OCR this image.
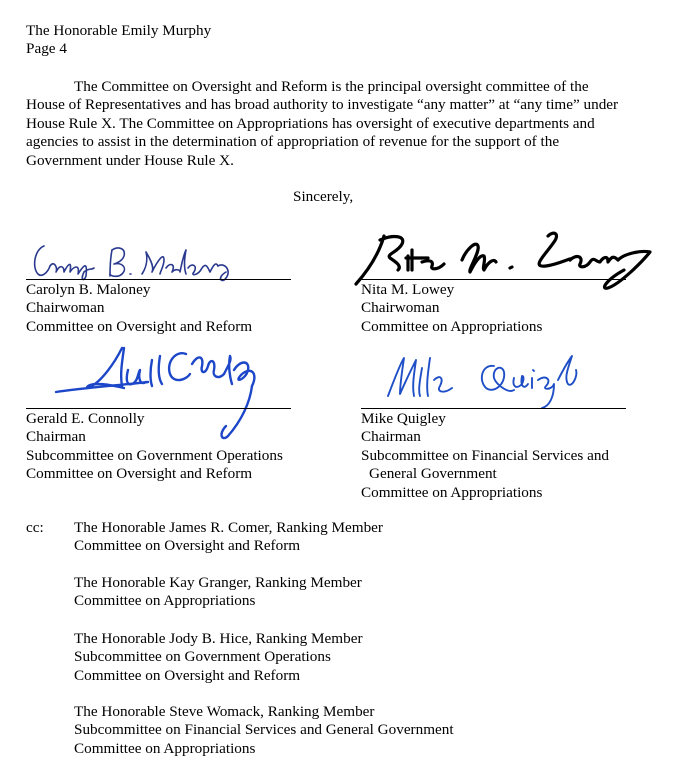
The Honorable Emily Murphy
Page 4
The Committee on Oversight and Reform is the principal oversight committee of the
House of Representatives and has broad authority to investigate “any matter” at “any time” under
House Rule X. The Committee on Appropriations has oversight of executive departments and
agencies to assist in the determination of appropriation of revenue for the support of the
Government under House Rule X.
Sincerely,
Carolyn B. Maloney
Chairwoman
Committee on Oversight and Reform
Nita M. Lowey
Chairwoman
Committee on Appropriations
Gerald E. Connolly
Chairman
Subcommittee on Government Operations
Committee on Oversight and Reform
Mike Quigley
Chairman
Subcommittee on Financial Services and
General Government
Committee on Appropriations
cc: The Honorable James R. Comer, Ranking Member
Committee on Oversight and Reform
The Honorable Kay Granger, Ranking Member
Committee on Appropriations
The Honorable Jody B. Hice, Ranking Member
Subcommittee on Government Operations
Committee on Oversight and Reform
The Honorable Steve Womack, Ranking Member
Subcommittee on Financial Services and General Government
Committee on Appropriations
